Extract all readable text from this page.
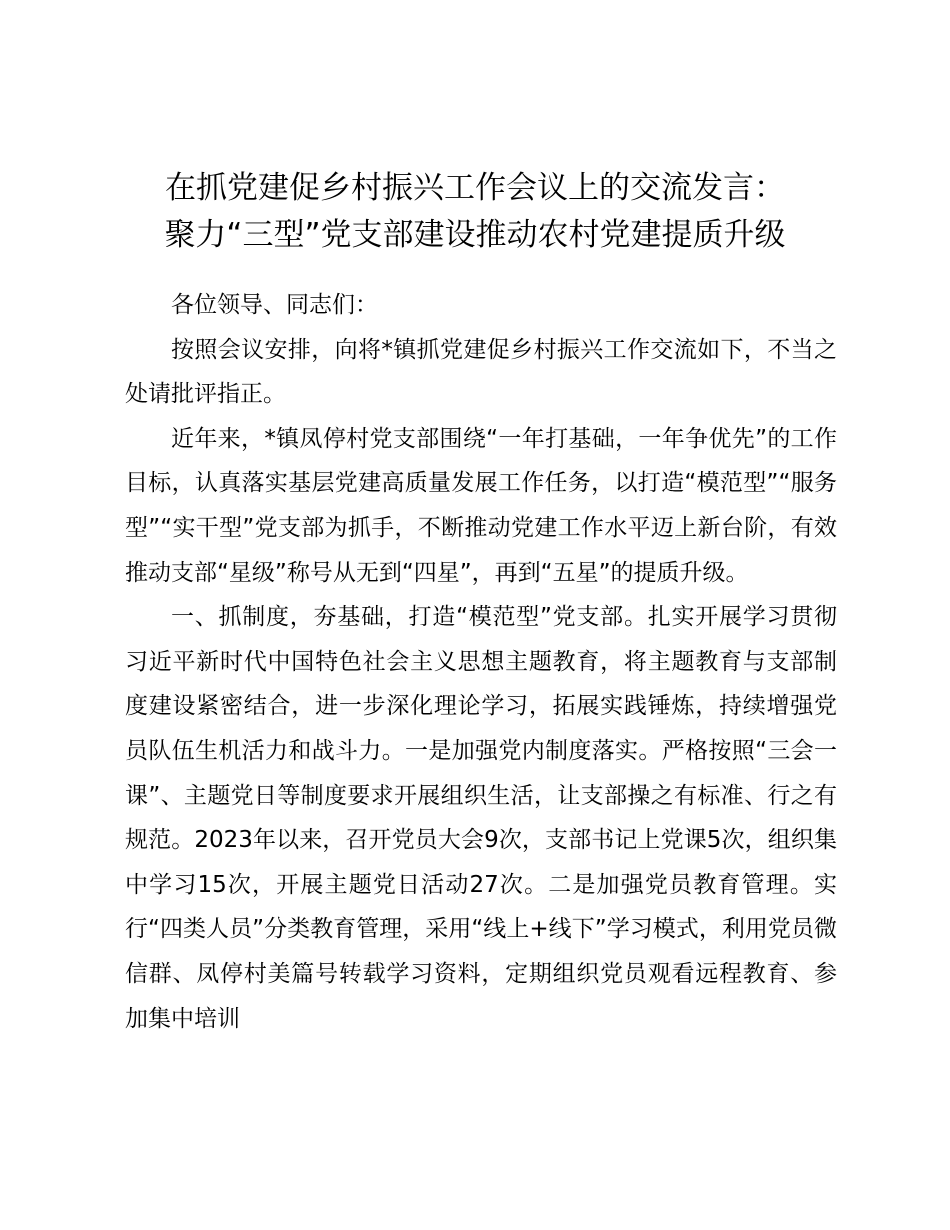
在抓党建促乡村振兴工作会议上的交流发言：
聚力“三型”党支部建设推动农村党建提质升级

各位领导、同志们：

按照会议安排，向将*镇抓党建促乡村振兴工作交流如下，不当之处请批评指正。

近年来，*镇凤停村党支部围绕“一年打基础，一年争优先”的工作目标，认真落实基层党建高质量发展工作任务，以打造“模范型”“服务型”“实干型”党支部为抓手，不断推动党建工作水平迈上新台阶，有效推动支部“星级”称号从无到“四星”，再到“五星”的提质升级。

一、抓制度，夯基础，打造“模范型”党支部。扎实开展学习贯彻习近平新时代中国特色社会主义思想主题教育，将主题教育与支部制度建设紧密结合，进一步深化理论学习，拓展实践锤炼，持续增强党员队伍生机活力和战斗力。一是加强党内制度落实。严格按照“三会一课”、主题党日等制度要求开展组织生活，让支部操之有标准、行之有规范。2023年以来，召开党员大会9次，支部书记上党课5次，组织集中学习15次，开展主题党日活动27次。二是加强党员教育管理。实行“四类人员”分类教育管理，采用“线上+线下”学习模式，利用党员微信群、凤停村美篇号转载学习资料，定期组织党员观看远程教育、参加集中培训
